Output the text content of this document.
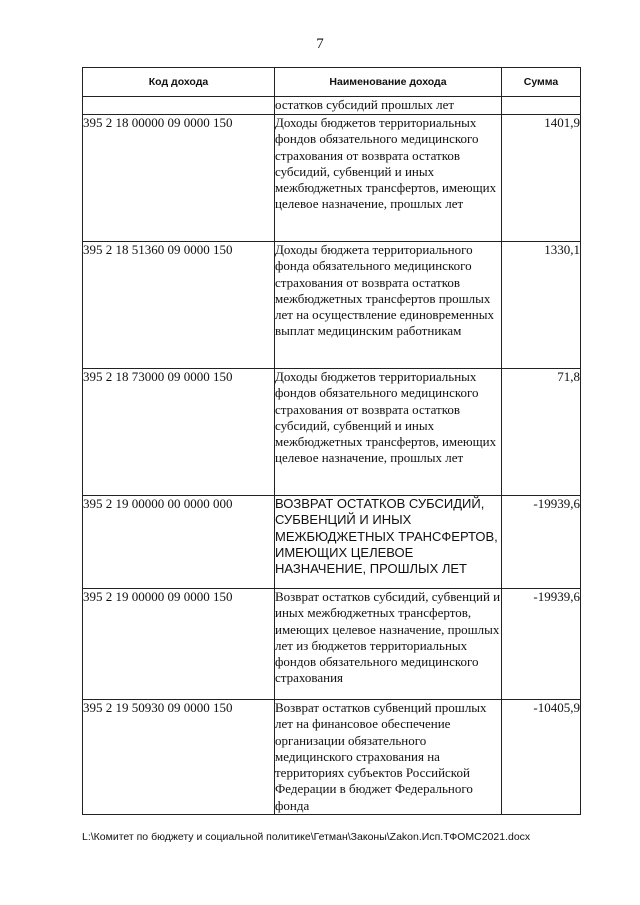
7
Код дохода	Наименование дохода	Сумма
	остатков субсидий прошлых лет	
395 2 18 00000 09 0000 150	Доходы бюджетов территориальных фондов обязательного медицинского страхования от возврата остатков субсидий, субвенций и иных межбюджетных трансфертов, имеющих целевое назначение, прошлых лет	1401,9
395 2 18 51360 09 0000 150	Доходы бюджета территориального фонда обязательного медицинского страхования от возврата остатков межбюджетных трансфертов прошлых лет на осуществление единовременных выплат медицинским работникам	1330,1
395 2 18 73000 09 0000 150	Доходы бюджетов территориальных фондов обязательного медицинского страхования от возврата остатков субсидий, субвенций и иных межбюджетных трансфертов, имеющих целевое назначение, прошлых лет	71,8
395 2 19 00000 00 0000 000	ВОЗВРАТ ОСТАТКОВ СУБСИДИЙ, СУБВЕНЦИЙ И ИНЫХ МЕЖБЮДЖЕТНЫХ ТРАНСФЕРТОВ, ИМЕЮЩИХ ЦЕЛЕВОЕ НАЗНАЧЕНИЕ, ПРОШЛЫХ ЛЕТ	-19939,6
395 2 19 00000 09 0000 150	Возврат остатков субсидий, субвенций и иных межбюджетных трансфертов, имеющих целевое назначение, прошлых лет из бюджетов территориальных фондов обязательного медицинского страхования	-19939,6
395 2 19 50930 09 0000 150	Возврат остатков субвенций прошлых лет на финансовое обеспечение организации обязательного медицинского страхования на территориях субъектов Российской Федерации в бюджет Федерального фонда	-10405,9
L:\Комитет по бюджету и социальной политике\Гетман\Законы\Zakon.Исп.ТФОМС2021.docx
